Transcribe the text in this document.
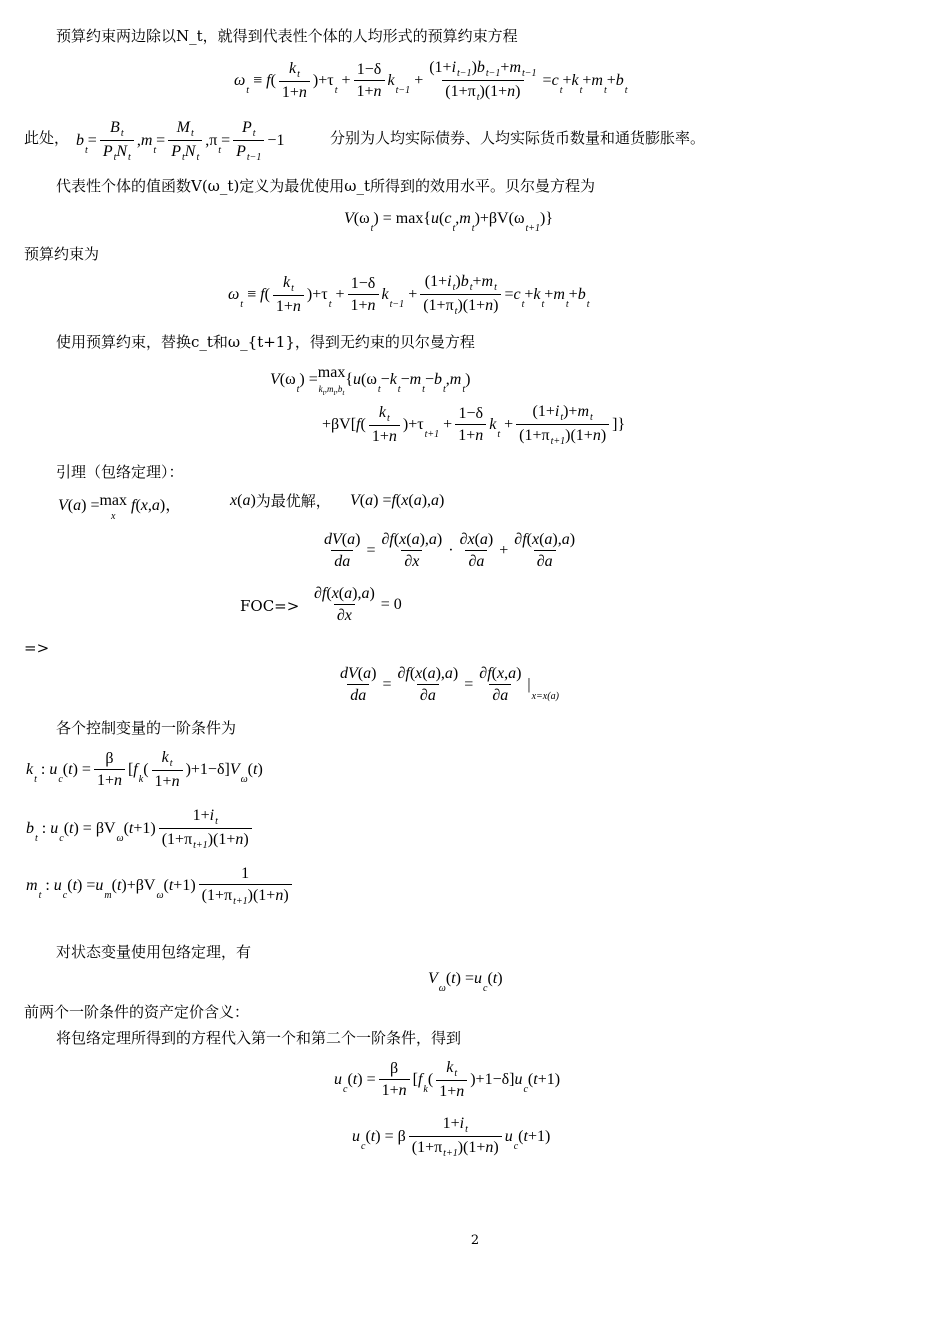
预算约束两边除以N_t，就得到代表性个体的人均形式的预算约束方程
ω
t

≡
f ( $\frac{k_t}{1+n} )+\tau$
t

+ $\frac{1-\delta}{1+n}$ k
t−1

+ $\frac{(1+i_{t-1})b_{t-1}+m_{t-1}}{(1+\pi_t)(1+n)} = c$
t
+ k
t
+ m
t
+ b
t
此处， b
t
= $\frac{B_t}{P_tN_t}$ , m
t
= $\frac{M_t}{P_tN_t} ,\pi$
t
= $\frac{P_t}{P_{t-1}} -1$	分别为人均实际债券、人均实际货币数量和通货膨胀率。
代表性个体的值函数V(ω_t)定义为最优使用ω_t所得到的效用水平。贝尔曼方程为
V (ω
t
) = max{ u ( c
t
, m
t
)+βV(ω
t+1
)}
预算约束为
ω
t

≡
f ( $\frac{k_t}{1+n} )+\tau$
t

+ $\frac{1-\delta}{1+n}$ k
t−1

+ $\frac{(1+i_t)b_t+m_t}{(1+\pi_t)(1+n)} = c$
t
+ k
t
+ m
t
+ b
t
使用预算约束，替换c_t和ω_{t+1}，得到无约束的贝尔曼方程
V (ω
t
) = max
$k_t,m_t,b_t$
{ u (ω
t
− k
t
− m
t
− b
t
, m
t
)
+βV[ f ( $\frac{k_t}{1+n} )+\tau$
t+1

+ $\frac{1-\delta}{1+n}$ k
t

+ $\frac{(1+i_t)+m_t}{(1+\pi_{t+1})(1+n)}$ ]}
引理（包络定理）：
V ( a ) = max
x

f ( x , a )，	x ( a ) 为最优解， V ( a ) = f ( x ( a ), a )
$\frac{dV(a)}{da} = \frac{\partial f(x(a),a)}{\partial x} \cdot \frac{\partial x(a)}{\partial a} + \frac{\partial f(x(a),a)}{\partial a}$
$FOC=> \frac{\partial f(x(a),a)}{\partial x} = 0$
=>
$\frac{dV(a)}{da} = \frac{\partial f(x(a),a)}{\partial a} = \frac{\partial f(x,a)}{\partial a}$ |
x=x(a)
各个控制变量的一阶条件为
k
t
: u
c
( t ) = $\frac{\beta}{1+n}$ [ f
k
( $\frac{k_t}{1+n} )+1-\delta$] V
ω
( t )
b
t
: u
c
( t ) = βV
ω
( $t +1) \frac{1+i_t}{(1+\pi_{t+1})(1+n)}$
m
t
: u
c
( t ) = u
m
( t )+βV
ω
( $t +1) \frac{1}{(1+\pi_{t+1})(1+n)}$
对状态变量使用包络定理，有
V
ω
( t ) = u
c
( t )
前两个一阶条件的资产定价含义：
将包络定理所得到的方程代入第一个和第二个一阶条件，得到
u
c
( t ) = $\frac{\beta}{1+n}$ [ f
k
( $\frac{k_t}{1+n} )+1-\delta$] u
c
( t +1)
u
c
( t ) = β $\frac{1+i_t}{(1+\pi_{t+1})(1+n)}$ u
c
( t +1)
2
